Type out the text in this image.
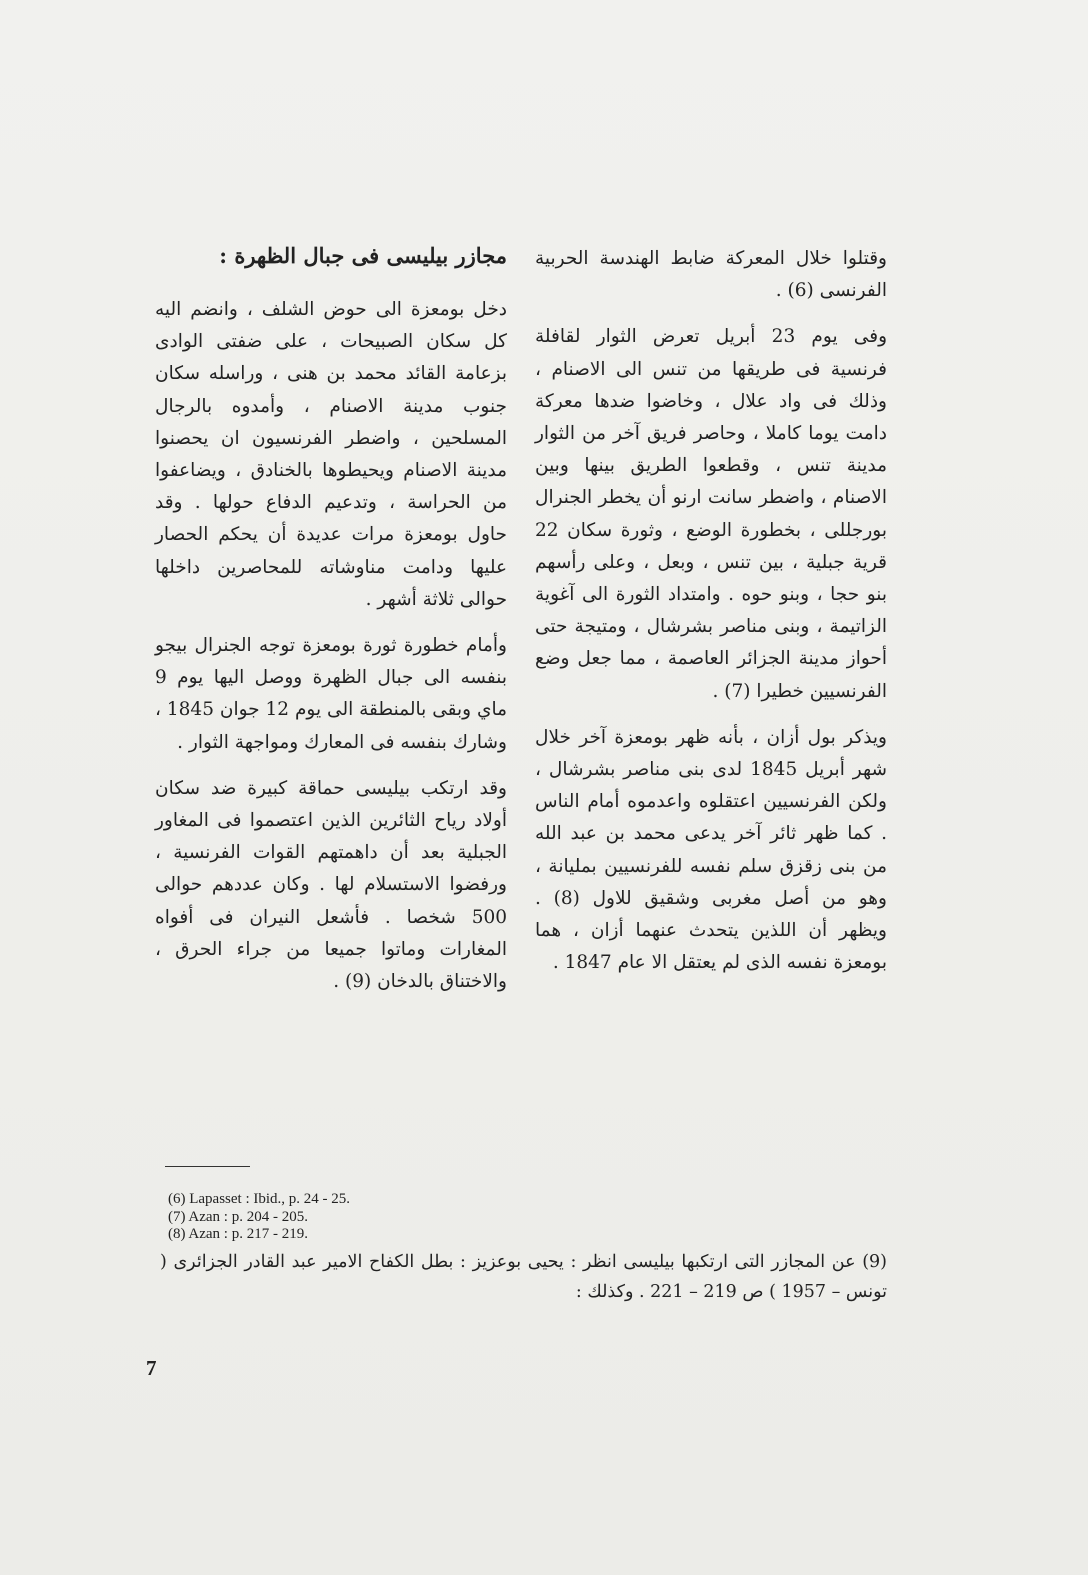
وقتلوا خلال المعركة ضابط الهندسة الحربية الفرنسى (6) .

وفى يوم 23 أبريل تعرض الثوار لقافلة فرنسية فى طريقها من تنس الى الاصنام ، وذلك فى واد علال ، وخاضوا ضدها معركة دامت يوما كاملا ، وحاصر فريق آخر من الثوار مدينة تنس ، وقطعوا الطريق بينها وبين الاصنام ، واضطر سانت ارنو أن يخطر الجنرال بورجللى ، بخطورة الوضع ، وثورة سكان 22 قرية جبلية ، بين تنس ، وبعل ، وعلى رأسهم بنو حجا ، وبنو حوه . وامتداد الثورة الى آغوية الزاتيمة ، وبنى مناصر بشرشال ، ومتيجة حتى أحواز مدينة الجزائر العاصمة ، مما جعل وضع الفرنسيين خطيرا (7) .

ويذكر بول أزان ، بأنه ظهر بومعزة آخر خلال شهر أبريل 1845 لدى بنى مناصر بشرشال ، ولكن الفرنسيين اعتقلوه واعدموه أمام الناس . كما ظهر ثائر آخر يدعى محمد بن عبد الله من بنى زقزق سلم نفسه للفرنسيين بمليانة ، وهو من أصل مغربى وشقيق للاول (8) . ويظهر أن اللذين يتحدث عنهما أزان ، هما بومعزة نفسه الذى لم يعتقل الا عام 1847 .

مجازر بيليسى فى جبال الظهرة :

دخل بومعزة الى حوض الشلف ، وانضم اليه كل سكان الصبيحات ، على ضفتى الوادى بزعامة القائد محمد بن هنى ، وراسله سكان جنوب مدينة الاصنام ، وأمدوه بالرجال المسلحين ، واضطر الفرنسيون ان يحصنوا مدينة الاصنام ويحيطوها بالخنادق ، ويضاعفوا من الحراسة ، وتدعيم الدفاع حولها . وقد حاول بومعزة مرات عديدة أن يحكم الحصار عليها ودامت مناوشاته للمحاصرين داخلها حوالى ثلاثة أشهر .

وأمام خطورة ثورة بومعزة توجه الجنرال بيجو بنفسه الى جبال الظهرة ووصل اليها يوم 9 ماي وبقى بالمنطقة الى يوم 12 جوان 1845 ، وشارك بنفسه فى المعارك ومواجهة الثوار .

وقد ارتكب بيليسى حماقة كبيرة ضد سكان أولاد رياح الثائرين الذين اعتصموا فى المغاور الجبلية بعد أن داهمتهم القوات الفرنسية ، ورفضوا الاستسلام لها . وكان عددهم حوالى 500 شخصا . فأشعل النيران فى أفواه المغارات وماتوا جميعا من جراء الحرق ، والاختناق بالدخان (9) .

(6) Lapasset : Ibid., p. 24 - 25.
(7) Azan : p. 204 - 205.
(8) Azan : p. 217 - 219.
(9) عن المجازر التى ارتكبها بيليسى انظر : يحيى بوعزيز : بطل الكفاح الامير عبد القادر الجزائرى ( تونس – 1957 ) ص 219 – 221 . وكذلك :
7
